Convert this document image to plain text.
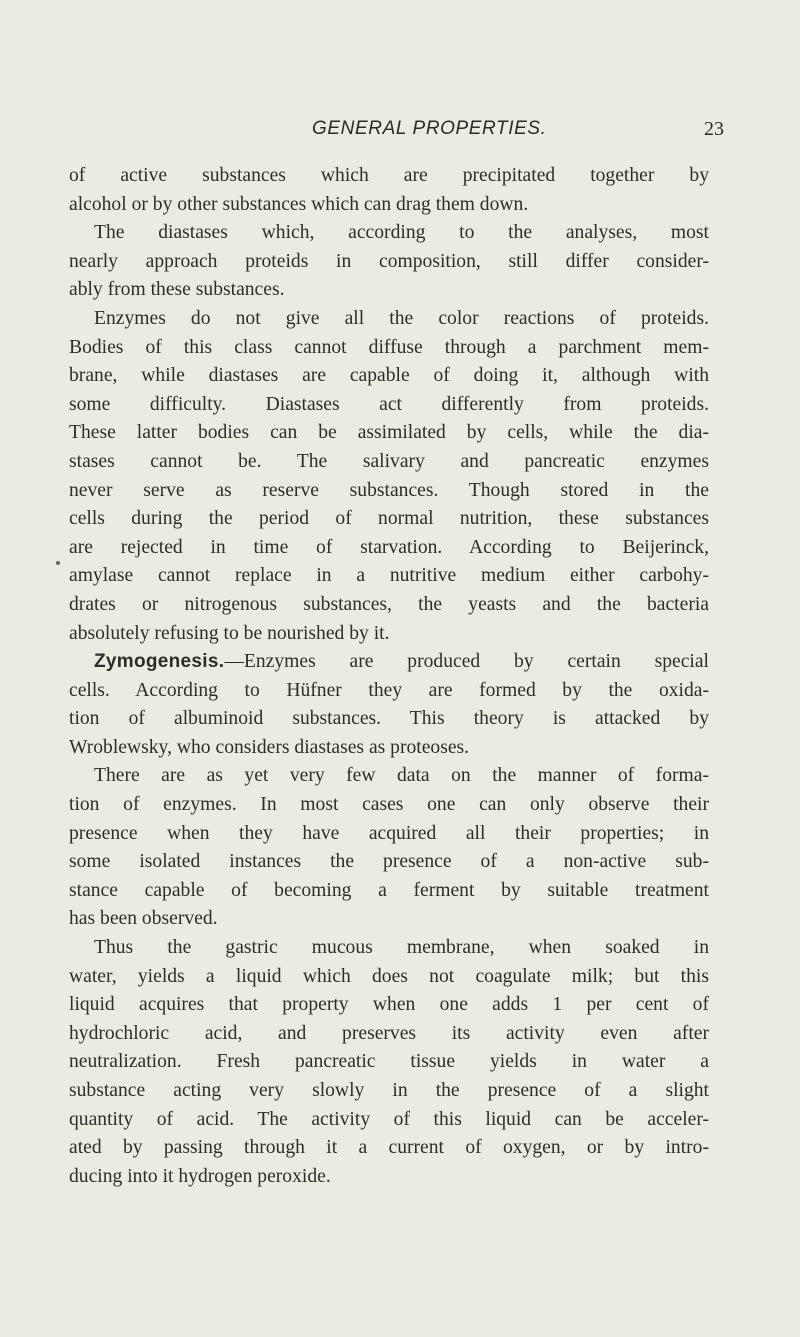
GENERAL PROPERTIES.	23
of active substances which are precipitated together by
alcohol or by other substances which can drag them down.
The diastases which, according to the analyses, most
nearly approach proteids in composition, still differ consider-
ably from these substances.
Enzymes do not give all the color reactions of proteids.
Bodies of this class cannot diffuse through a parchment mem-
brane, while diastases are capable of doing it, although with
some difficulty. Diastases act differently from proteids.
These latter bodies can be assimilated by cells, while the dia-
stases cannot be. The salivary and pancreatic enzymes
never serve as reserve substances. Though stored in the
cells during the period of normal nutrition, these substances
are rejected in time of starvation. According to Beijerinck,
amylase cannot replace in a nutritive medium either carbohy-
drates or nitrogenous substances, the yeasts and the bacteria
absolutely refusing to be nourished by it.
Zymogenesis.—Enzymes are produced by certain special
cells. According to Hüfner they are formed by the oxida-
tion of albuminoid substances. This theory is attacked by
Wroblewsky, who considers diastases as proteoses.
There are as yet very few data on the manner of forma-
tion of enzymes. In most cases one can only observe their
presence when they have acquired all their properties; in
some isolated instances the presence of a non-active sub-
stance capable of becoming a ferment by suitable treatment
has been observed.
Thus the gastric mucous membrane, when soaked in
water, yields a liquid which does not coagulate milk; but this
liquid acquires that property when one adds 1 per cent of
hydrochloric acid, and preserves its activity even after
neutralization. Fresh pancreatic tissue yields in water a
substance acting very slowly in the presence of a slight
quantity of acid. The activity of this liquid can be acceler-
ated by passing through it a current of oxygen, or by intro-
ducing into it hydrogen peroxide.
